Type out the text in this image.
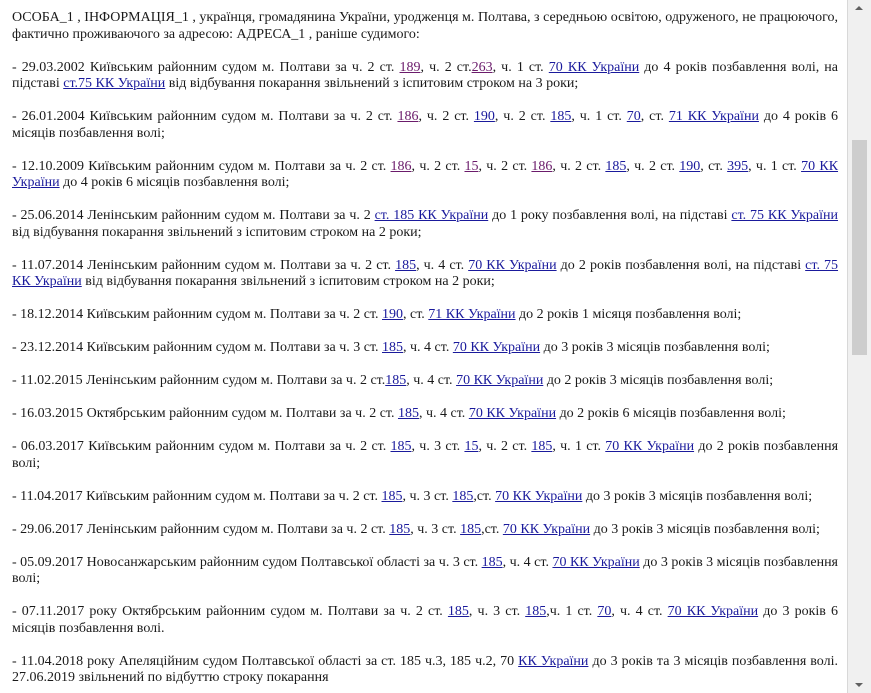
ОСОБА_1 , ІНФОРМАЦІЯ_1 , українця, громадянина України, уродженця м. Полтава, з середньою освітою, одруженого, не працюючого, фактично проживаючого за адресою: АДРЕСА_1 , раніше судимого:

- 29.03.2002 Київським районним судом м. Полтави за ч. 2 ст. 189, ч. 2 ст.263, ч. 1 ст. 70 КК України до 4 років позбавлення волі, на підставі ст.75 КК України від відбування покарання звільнений з іспитовим строком на 3 роки;

- 26.01.2004 Київським районним судом м. Полтави за ч. 2 ст. 186, ч. 2 ст. 190, ч. 2 ст. 185, ч. 1 ст. 70, ст. 71 КК України до 4 років 6 місяців позбавлення волі;

- 12.10.2009 Київським районним судом м. Полтави за ч. 2 ст. 186, ч. 2 ст. 15, ч. 2 ст. 186, ч. 2 ст. 185, ч. 2 ст. 190, ст. 395, ч. 1 ст. 70 КК України до 4 років 6 місяців позбавлення волі;

- 25.06.2014 Ленінським районним судом м. Полтави за ч. 2 ст. 185 КК України до 1 року позбавлення волі, на підставі ст. 75 КК України від відбування покарання звільнений з іспитовим строком на 2 роки;

- 11.07.2014 Ленінським районним судом м. Полтави за ч. 2 ст. 185, ч. 4 ст. 70 КК України до 2 років позбавлення волі, на підставі ст. 75 КК України від відбування покарання звільнений з іспитовим строком на 2 роки;

- 18.12.2014 Київським районним судом м. Полтави за ч. 2 ст. 190, ст. 71 КК України до 2 років 1 місяця позбавлення волі;

- 23.12.2014 Київським районним судом м. Полтави за ч. 3 ст. 185, ч. 4 ст. 70 КК України до 3 років 3 місяців позбавлення волі;

- 11.02.2015 Ленінським районним судом м. Полтави за ч. 2 ст.185, ч. 4 ст. 70 КК України до 2 років 3 місяців позбавлення волі;

- 16.03.2015 Октябрським районним судом м. Полтави за ч. 2 ст. 185, ч. 4 ст. 70 КК України до 2 років 6 місяців позбавлення волі;

- 06.03.2017 Київським районним судом м. Полтави за ч. 2 ст. 185, ч. 3 ст. 15, ч. 2 ст. 185, ч. 1 ст. 70 КК України до 2 років позбавлення волі;

- 11.04.2017 Київським районним судом м. Полтави за ч. 2 ст. 185, ч. 3 ст. 185,ст. 70 КК України до 3 років 3 місяців позбавлення волі;

- 29.06.2017 Ленінським районним судом м. Полтави за ч. 2 ст. 185, ч. 3 ст. 185,ст. 70 КК України до 3 років 3 місяців позбавлення волі;

- 05.09.2017 Новосанжарським районним судом Полтавської області за ч. 3 ст. 185, ч. 4 ст. 70 КК України до 3 років 3 місяців позбавлення волі;

- 07.11.2017 року Октябрським районним судом м. Полтави за ч. 2 ст. 185, ч. 3 ст. 185,ч. 1 ст. 70, ч. 4 ст. 70 КК України до 3 років 6 місяців позбавлення волі.

- 11.04.2018 року Апеляційним судом Полтавської області за ст. 185 ч.3, 185 ч.2, 70 КК України до 3 років та 3 місяців позбавлення волі. 27.06.2019 звільнений по відбуттю строку покарання
